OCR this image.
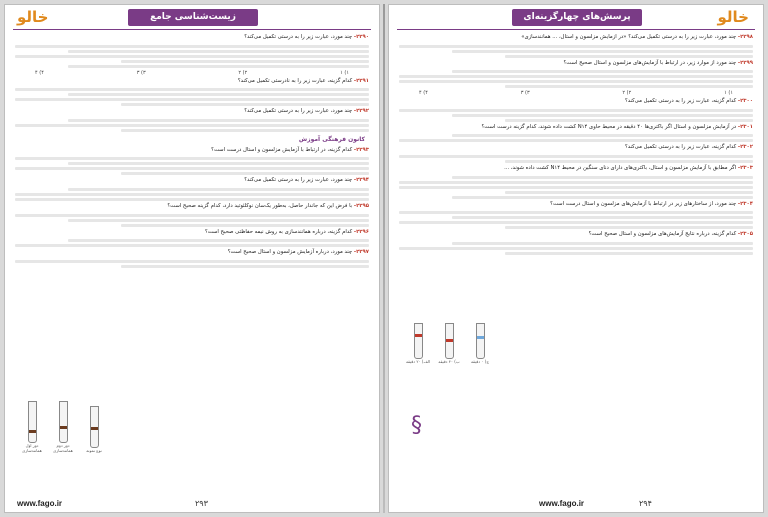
خالو	زیست‌شناسی جامع
۲۲۹۰- چند مورد، عبارت زیر را به درستی تکمیل می‌کند؟
۱) ۱
۲) ۲
۳) ۳
۴) ۴
۲۲۹۱- کدام گزینه، عبارت زیر را به نادرستی تکمیل می‌کند؟
۲۲۹۲- چند مورد، عبارت زیر را به درستی تکمیل می‌کند؟
کانون فرهنگی آموزش
۲۲۹۳- کدام گزینه، در ارتباط با آزمایش مزلسون و استال درست است؟
۲۲۹۴- چند مورد، عبارت زیر را به درستی تکمیل می‌کند؟
۲۲۹۵- با فرض این که جاندار حاصل، به‌طور یک‌سان نوکلئوتید دارد، کدام گزینه صحیح است؟
۲۲۹۶- کدام گزینه، درباره همانندسازی به روش نیمه حفاظتی صحیح است؟
۲۲۹۷- چند مورد، درباره آزمایش مزلسون و استال صحیح است؟
دور اول همانندسازی
دور دوم همانندسازی	نوع نمونه
www.fago.ir	۲۹۳
خالو
پرسش‌های چهارگزینه‌ای
۲۲۹۸- چند مورد، عبارت زیر را به درستی تکمیل می‌کند؟ «در آزمایش مزلسون و استال، ... همانندسازی»
۲۲۹۹- چند مورد از موارد زیر، در ارتباط با آزمایش‌های مزلسون و استال صحیح است؟
۱) ۱
۲) ۲
۳) ۳
۴) ۴
۲۳۰۰- کدام گزینه، عبارت زیر را به درستی تکمیل می‌کند؟
۲۳۰۱- در آزمایش مزلسون و استال اگر باکتری‌ها ۴۰ دقیقه در محیط حاوی N۱۴ کشت داده شوند، کدام گزینه درست است؟
۲۳۰۲- کدام گزینه، عبارت زیر را به درستی تکمیل می‌کند؟
۲۳۰۳- اگر مطابق با آزمایش مزلسون و استال، باکتری‌های دارای دنای سنگین در محیط N۱۴ کشت داده شوند، ...
۲۳۰۴- چند مورد، از ساختارهای زیر در ارتباط با آزمایش‌های مزلسون و استال درست است؟
۲۳۰۵- کدام گزینه، درباره نتایج آزمایش‌های مزلسون و استال صحیح است؟
الف) ۲۰ دقیقه	ب) ۴۰ دقیقه	ج) ۰ دقیقه
§
www.fago.ir	۲۹۴
